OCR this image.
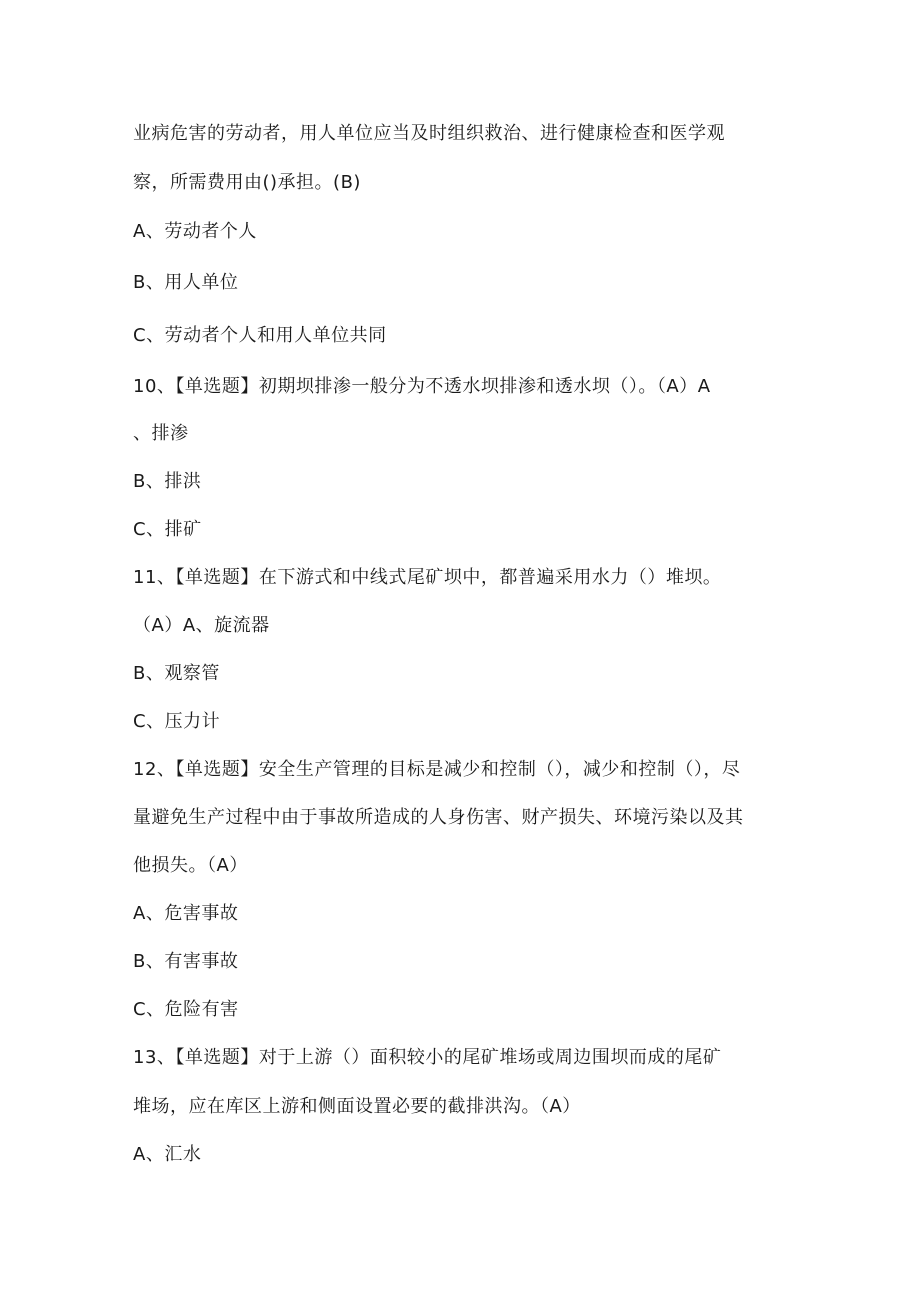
业病危害的劳动者，用人单位应当及时组织救治、进行健康检查和医学观
察，所需费用由()承担。(B)
A、劳动者个人
B、用人单位
C、劳动者个人和用人单位共同
10、【单选题】初期坝排渗一般分为不透水坝排渗和透水坝（）。（A）A
、排渗
B、排洪
C、排矿
11、【单选题】在下游式和中线式尾矿坝中，都普遍采用水力（）堆坝。
（A）A、旋流器
B、观察管
C、压力计
12、【单选题】安全生产管理的目标是减少和控制（），减少和控制（），尽
量避免生产过程中由于事故所造成的人身伤害、财产损失、环境污染以及其
他损失。（A）
A、危害事故
B、有害事故
C、危险有害
13、【单选题】对于上游（）面积较小的尾矿堆场或周边围坝而成的尾矿
堆场，应在库区上游和侧面设置必要的截排洪沟。（A）
A、汇水
